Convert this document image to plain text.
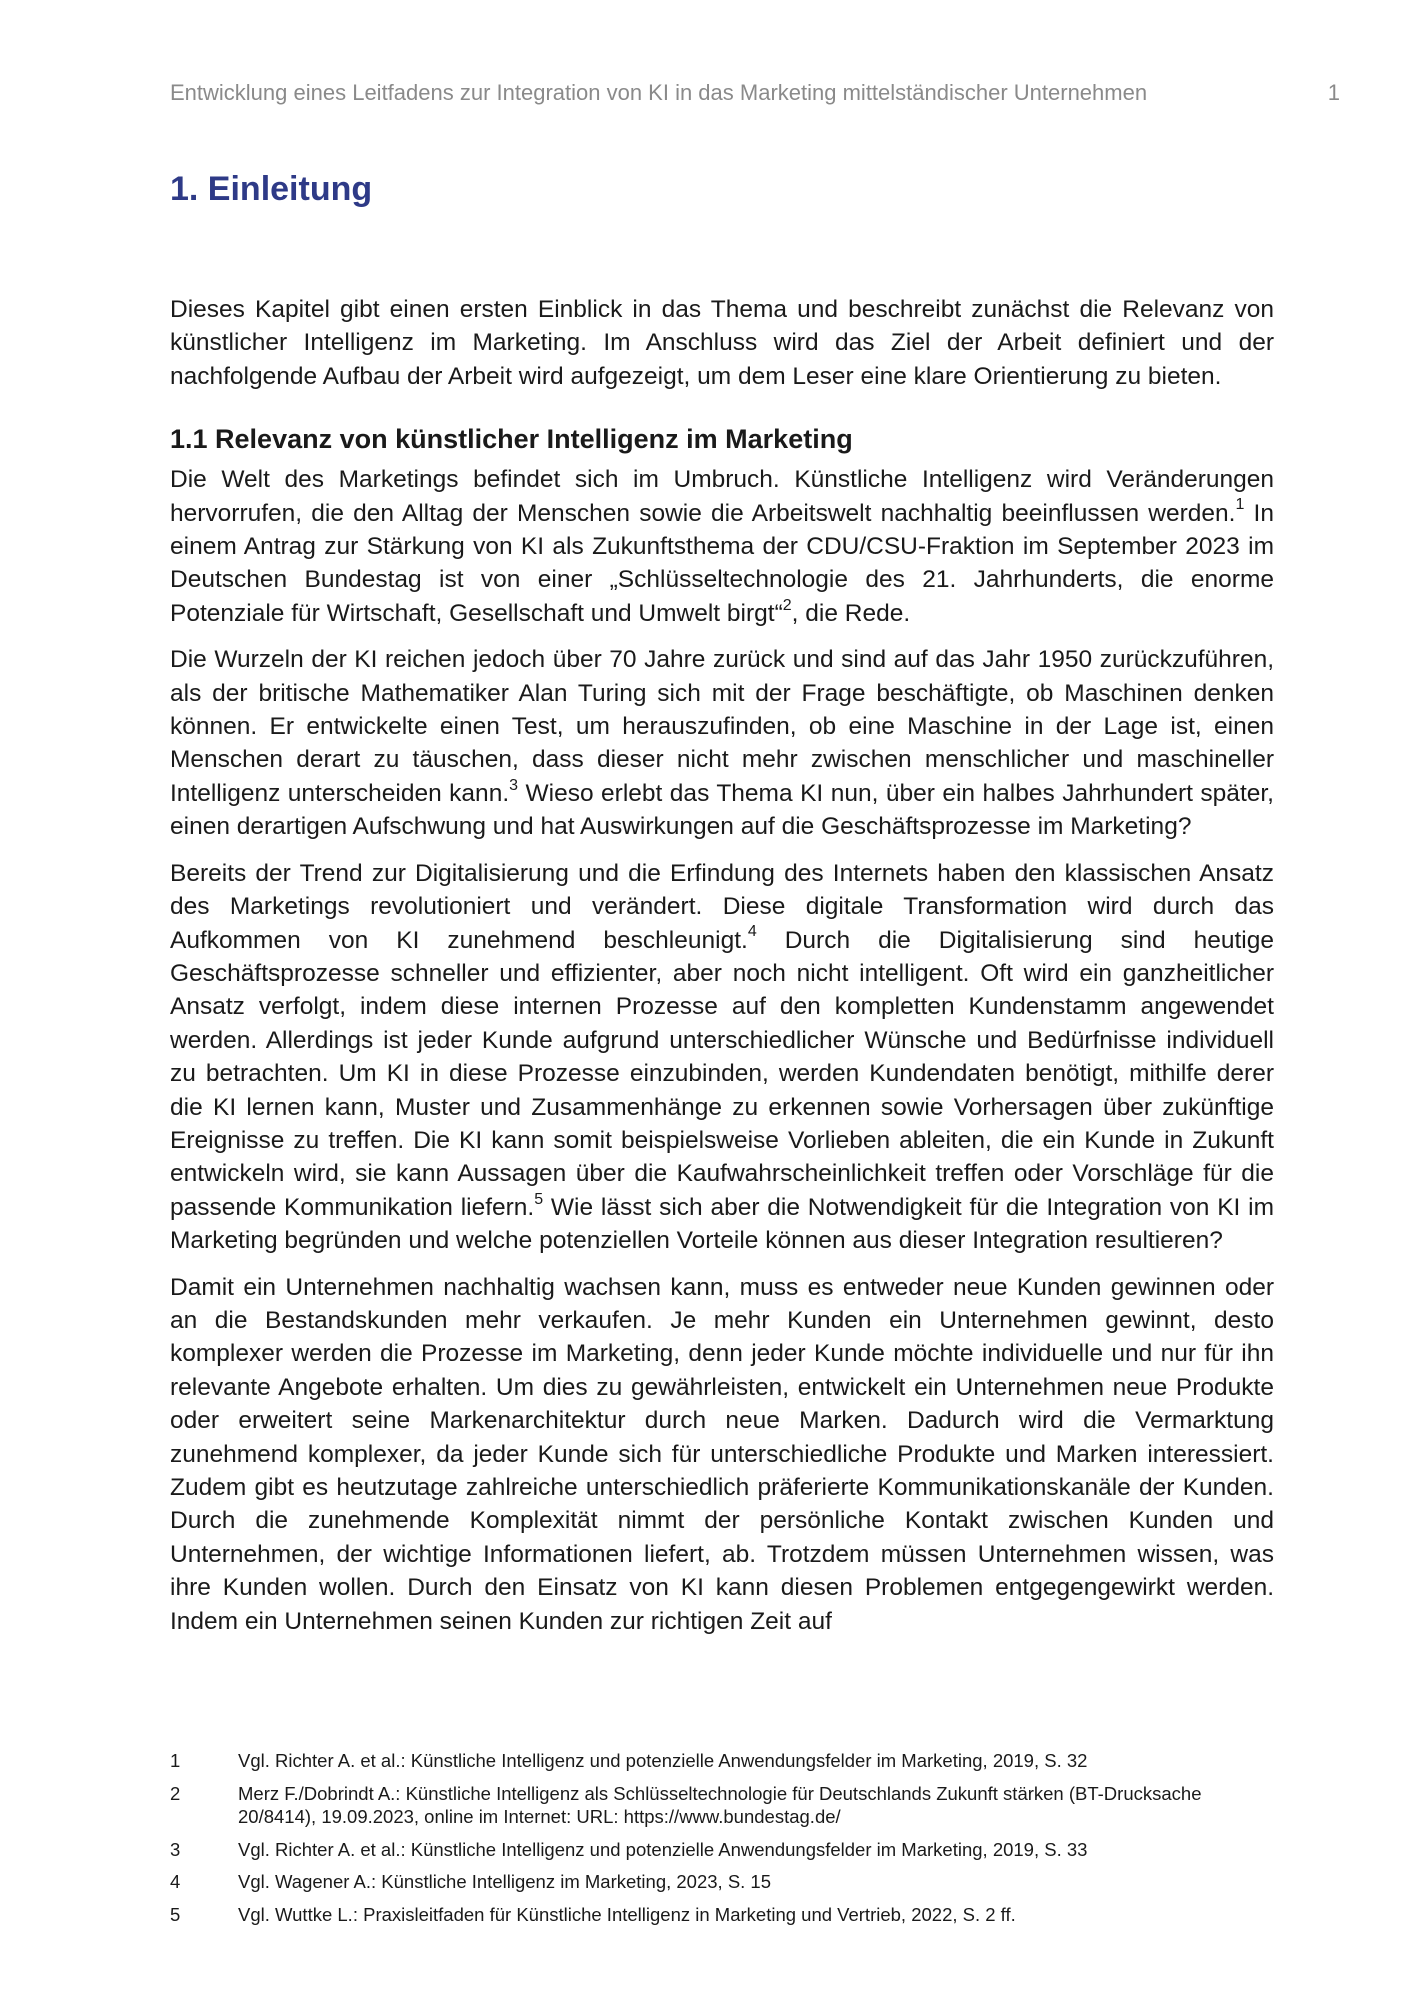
Entwicklung eines Leitfadens zur Integration von KI in das Marketing mittelständischer Unternehmen	1
1. Einleitung

Dieses Kapitel gibt einen ersten Einblick in das Thema und beschreibt zunächst die Relevanz von künstlicher Intelligenz im Marketing. Im Anschluss wird das Ziel der Arbeit definiert und der nachfolgende Aufbau der Arbeit wird aufgezeigt, um dem Leser eine klare Orientierung zu bieten.

1.1 Relevanz von künstlicher Intelligenz im Marketing

Die Welt des Marketings befindet sich im Umbruch. Künstliche Intelligenz wird Veränderungen hervorrufen, die den Alltag der Menschen sowie die Arbeitswelt nachhaltig beeinflussen werden.$^1$ In einem Antrag zur Stärkung von KI als Zukunftsthema der CDU/CSU-Fraktion im September 2023 im Deutschen Bundestag ist von einer „Schlüsseltechnologie des 21. Jahrhunderts, die enorme Potenziale für Wirtschaft, Gesellschaft und Umwelt birgt“$^2$, die Rede.

Die Wurzeln der KI reichen jedoch über 70 Jahre zurück und sind auf das Jahr 1950 zurückzuführen, als der britische Mathematiker Alan Turing sich mit der Frage beschäftigte, ob Maschinen denken können. Er entwickelte einen Test, um herauszufinden, ob eine Maschine in der Lage ist, einen Menschen derart zu täuschen, dass dieser nicht mehr zwischen menschlicher und maschineller Intelligenz unterscheiden kann.$^3$ Wieso erlebt das Thema KI nun, über ein halbes Jahrhundert später, einen derartigen Aufschwung und hat Auswirkungen auf die Geschäftsprozesse im Marketing?

Bereits der Trend zur Digitalisierung und die Erfindung des Internets haben den klassischen Ansatz des Marketings revolutioniert und verändert. Diese digitale Transformation wird durch das Aufkommen von KI zunehmend beschleunigt.$^4$ Durch die Digitalisierung sind heutige Geschäftsprozesse schneller und effizienter, aber noch nicht intelligent. Oft wird ein ganzheitlicher Ansatz verfolgt, indem diese internen Prozesse auf den kompletten Kundenstamm angewendet werden. Allerdings ist jeder Kunde aufgrund unterschiedlicher Wünsche und Bedürfnisse individuell zu betrachten. Um KI in diese Prozesse einzubinden, werden Kundendaten benötigt, mithilfe derer die KI lernen kann, Muster und Zusammenhänge zu erkennen sowie Vorhersagen über zukünftige Ereignisse zu treffen. Die KI kann somit beispielsweise Vorlieben ableiten, die ein Kunde in Zukunft entwickeln wird, sie kann Aussagen über die Kaufwahrscheinlichkeit treffen oder Vorschläge für die passende Kommunikation liefern.$^5$ Wie lässt sich aber die Notwendigkeit für die Integration von KI im Marketing begründen und welche potenziellen Vorteile können aus dieser Integration resultieren?

Damit ein Unternehmen nachhaltig wachsen kann, muss es entweder neue Kunden gewinnen oder an die Bestandskunden mehr verkaufen. Je mehr Kunden ein Unternehmen gewinnt, desto komplexer werden die Prozesse im Marketing, denn jeder Kunde möchte individuelle und nur für ihn relevante Angebote erhalten. Um dies zu gewährleisten, entwickelt ein Unternehmen neue Produkte oder erweitert seine Markenarchitektur durch neue Marken. Dadurch wird die Vermarktung zunehmend komplexer, da jeder Kunde sich für unterschiedliche Produkte und Marken interessiert. Zudem gibt es heutzutage zahlreiche unterschiedlich präferierte Kommunikationskanäle der Kunden. Durch die zunehmende Komplexität nimmt der persönliche Kontakt zwischen Kunden und Unternehmen, der wichtige Informationen liefert, ab. Trotzdem müssen Unternehmen wissen, was ihre Kunden wollen. Durch den Einsatz von KI kann diesen Problemen entgegengewirkt werden. Indem ein Unternehmen seinen Kunden zur richtigen Zeit auf

1	Vgl. Richter A. et al.: Künstliche Intelligenz und potenzielle Anwendungsfelder im Marketing, 2019, S. 32
2	Merz F./Dobrindt A.: Künstliche Intelligenz als Schlüsseltechnologie für Deutschlands Zukunft stärken (BT-Drucksache 20/8414), 19.09.2023, online im Internet: URL: https://www.bundestag.de/
3	Vgl. Richter A. et al.: Künstliche Intelligenz und potenzielle Anwendungsfelder im Marketing, 2019, S. 33
4	Vgl. Wagener A.: Künstliche Intelligenz im Marketing, 2023, S. 15
5	Vgl. Wuttke L.: Praxisleitfaden für Künstliche Intelligenz in Marketing und Vertrieb, 2022, S. 2 ff.
